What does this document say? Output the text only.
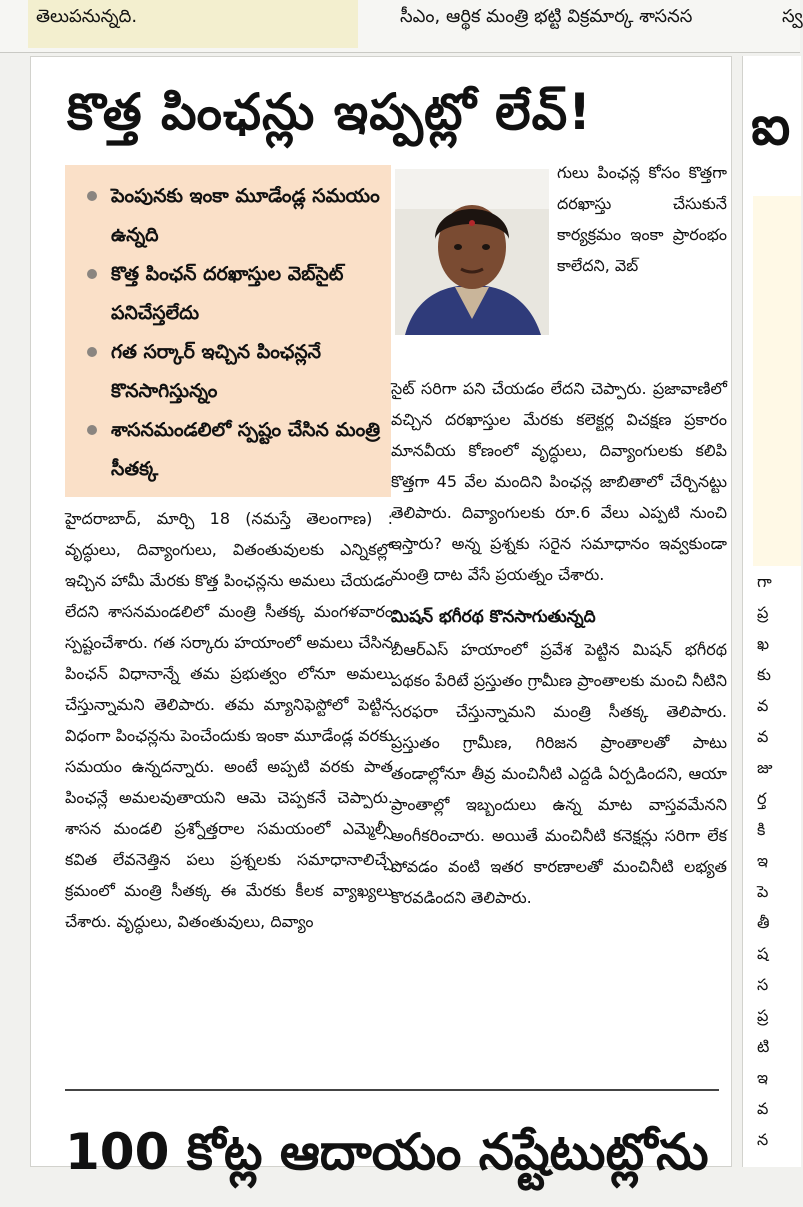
తెలుపనున్నది.	సీఎం, ఆర్థిక మంత్రి భట్టి విక్రమార్క శాసనస	స్వ
కొత్త పింఛన్లు ఇప్పట్లో లేవ్‌!
పెంపునకు ఇంకా మూడేండ్ల సమయం ఉన్నది
కొత్త పింఛన్‌ దరఖాస్తుల వెబ్‌సైట్‌ పనిచేస్తలేదు
గత సర్కార్‌ ఇచ్చిన పింఛన్లనే కొనసాగిస్తున్నం
శాసనమండలిలో స్పష్టం చేసిన మంత్రి సీతక్క
గులు పింఛన్ల కోసం కొత్తగా దరఖాస్తు చేసుకునే కార్యక్రమం ఇంకా ప్రారంభం కాలేదని, వెబ్‌
హైదరాబాద్‌, మార్చి 18 (నమస్తే తెలంగాణ) : వృద్ధులు, దివ్యాంగులు, వితంతువులకు ఎన్నికల్లో ఇచ్చిన హామీ మేరకు కొత్త పింఛన్లను అమలు చేయడం లేదని శాసనమండలిలో మంత్రి సీతక్క మంగళవారం స్పష్టంచేశారు. గత సర్కారు హయాంలో అమలు చేసిన పింఛన్‌ విధానాన్నే తమ ప్రభుత్వం లోనూ అమలు చేస్తున్నామని తెలిపారు. తమ మ్యానిఫెస్టోలో పెట్టిన విధంగా పింఛన్లను పెంచేందుకు ఇంకా మూడేండ్ల వరకు సమయం ఉన్నదన్నారు. అంటే అప్పటి వరకు పాత పింఛన్లే అమలవుతాయని ఆమె చెప్పకనే చెప్పారు. శాసన మండలి ప్రశ్నోత్తరాల సమయంలో ఎమ్మెల్సీ కవిత లేవనెత్తిన పలు ప్రశ్నలకు సమాధానాలిచ్చే క్రమంలో మంత్రి సీతక్క ఈ మేరకు కీలక వ్యాఖ్యలు చేశారు. వృద్ధులు, వితంతువులు, దివ్యాం
సైట్‌ సరిగా పని చేయడం లేదని చెప్పారు. ప్రజావాణిలో వచ్చిన దరఖాస్తుల మేరకు కలెక్టర్ల విచక్షణ ప్రకారం మానవీయ కోణంలో వృద్ధులు, దివ్యాంగులకు కలిపి కొత్తగా 45 వేల మందిని పింఛన్ల జాబితాలో చేర్చినట్టు తెలిపారు. దివ్యాంగులకు రూ.6 వేలు ఎప్పటి నుంచి ఇస్తారు? అన్న ప్రశ్నకు సరైన సమాధానం ఇవ్వకుండా మంత్రి దాట వేసే ప్రయత్నం చేశారు.
మిషన్‌ భగీరథ కొనసాగుతున్నది
బీఆర్‌ఎస్‌ హయాంలో ప్రవేశ పెట్టిన మిషన్‌ భగీరథ పథకం పేరిటే ప్రస్తుతం గ్రామీణ ప్రాంతాలకు మంచి నీటిని సరఫరా చేస్తున్నామని మంత్రి సీతక్క తెలిపారు. ప్రస్తుతం గ్రామీణ, గిరిజన ప్రాంతాలతో పాటు తండాల్లోనూ తీవ్ర మంచినీటి ఎద్దడి ఏర్పడిందని, ఆయా ప్రాంతాల్లో ఇబ్బందులు ఉన్న మాట వాస్తవమేనని అంగీకరించారు. అయితే మంచినీటి కనెక్షన్లు సరిగా లేక పోవడం వంటి ఇతర కారణాలతో మంచినీటి లభ్యత కొరవడిందని తెలిపారు.
100 కోట్ల ఆదాయం నష్టేటుట్లోను
ఐ
గా
ప్ర
ఖ
కు
వ
వ
జు
ర్త
కి
ఇ
పె
తీ
ష
స
ప్ర
టి
ఇ
వ
న
